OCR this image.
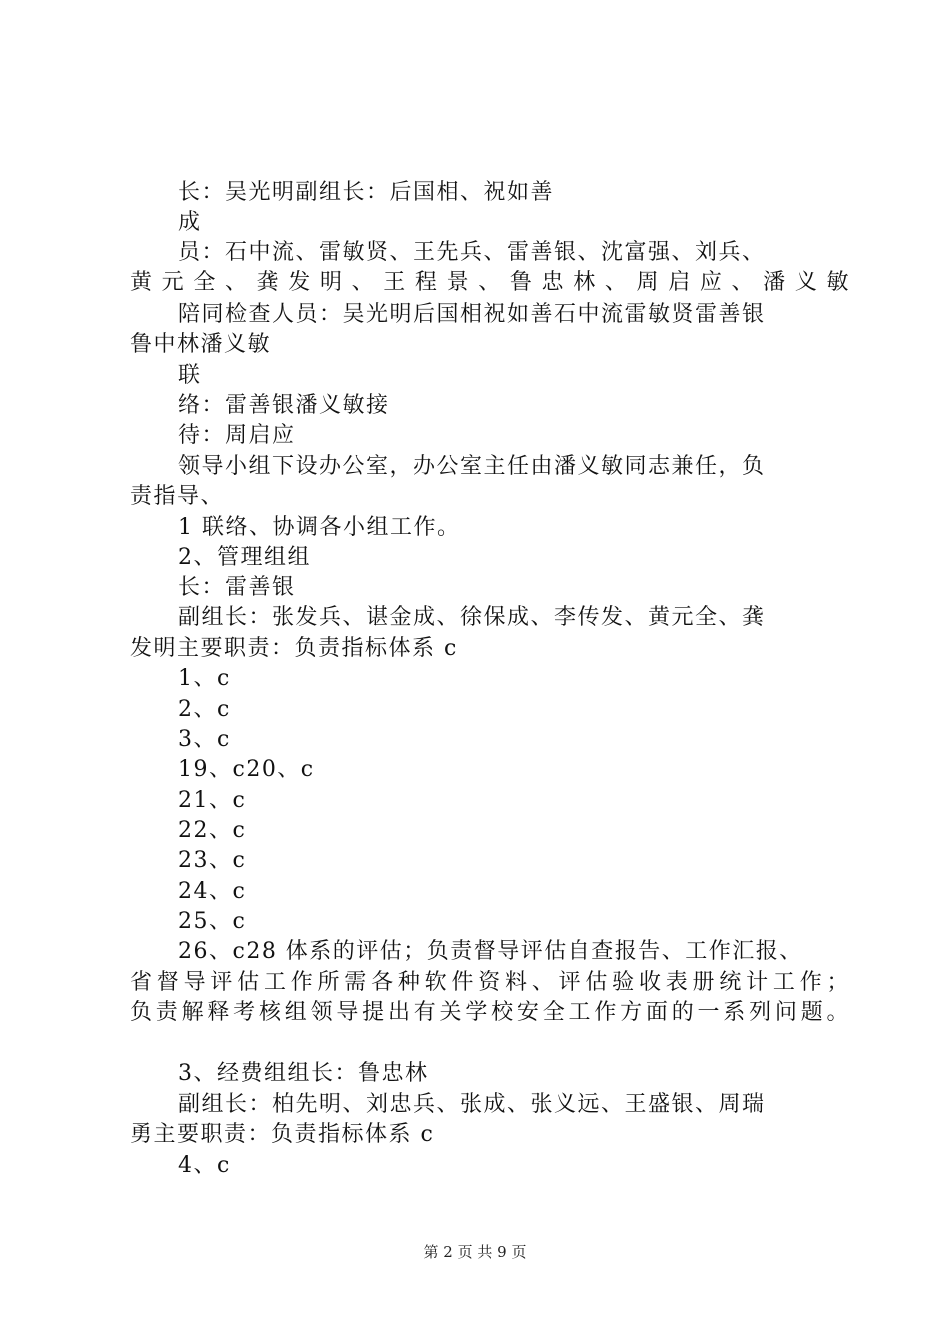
长：吴光明副组长：后国相、祝如善
成
员：石中流、雷敏贤、王先兵、雷善银、沈富强、刘兵、
黄元全、龚发明、王程景、鲁忠林、周启应、潘义敏
陪同检查人员：吴光明后国相祝如善石中流雷敏贤雷善银
鲁中林潘义敏
联
络：雷善银潘义敏接
待：周启应
领导小组下设办公室，办公室主任由潘义敏同志兼任，负
责指导、
1 联络、协调各小组工作。
2、管理组组
长：雷善银
副组长：张发兵、谌金成、徐保成、李传发、黄元全、龚
发明主要职责：负责指标体系 c
1、c
2、c
3、c
19、c20、c
21、c
22、c
23、c
24、c
25、c
26、c28 体系的评估；负责督导评估自查报告、工作汇报、
省督导评估工作所需各种软件资料、评估验收表册统计工作；
负责解释考核组领导提出有关学校安全工作方面的一系列问题。
3、经费组组长：鲁忠林
副组长：柏先明、刘忠兵、张成、张义远、王盛银、周瑞
勇主要职责：负责指标体系 c
4、c
第 2 页 共 9 页
